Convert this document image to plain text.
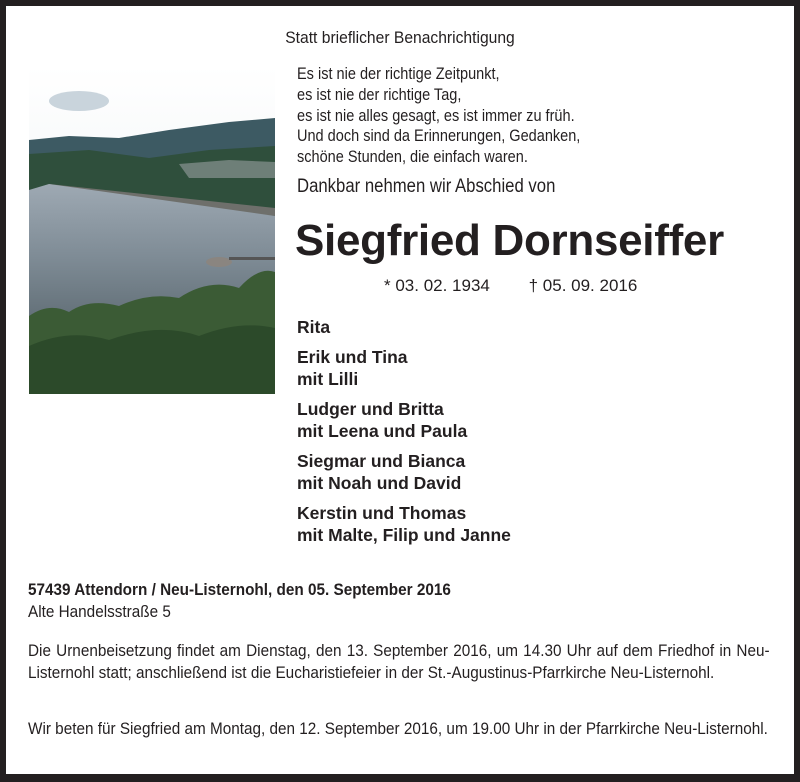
Statt brieflicher Benachrichtigung
Es ist nie der richtige Zeitpunkt,
es ist nie der richtige Tag,
es ist nie alles gesagt, es ist immer zu früh.
Und doch sind da Erinnerungen, Gedanken,
schöne Stunden, die einfach waren.
Dankbar nehmen wir Abschied von
Siegfried Dornseiffer
* 03. 02. 1934 † 05. 09. 2016
Rita
Erik und Tina
mit Lilli
Ludger und Britta
mit Leena und Paula
Siegmar und Bianca
mit Noah und David
Kerstin und Thomas
mit Malte, Filip und Janne
57439 Attendorn / Neu-Listernohl, den 05. September 2016
Alte Handelsstraße 5
Die Urnenbeisetzung findet am Dienstag, den 13. September 2016, um 14.30 Uhr auf dem Friedhof in Neu-Listernohl statt; anschließend ist die Eucharistiefeier in der St.-Augustinus-Pfarrkirche Neu-Listernohl.
Wir beten für Siegfried am Montag, den 12. September 2016, um 19.00 Uhr in der Pfarrkirche Neu-Listernohl.
